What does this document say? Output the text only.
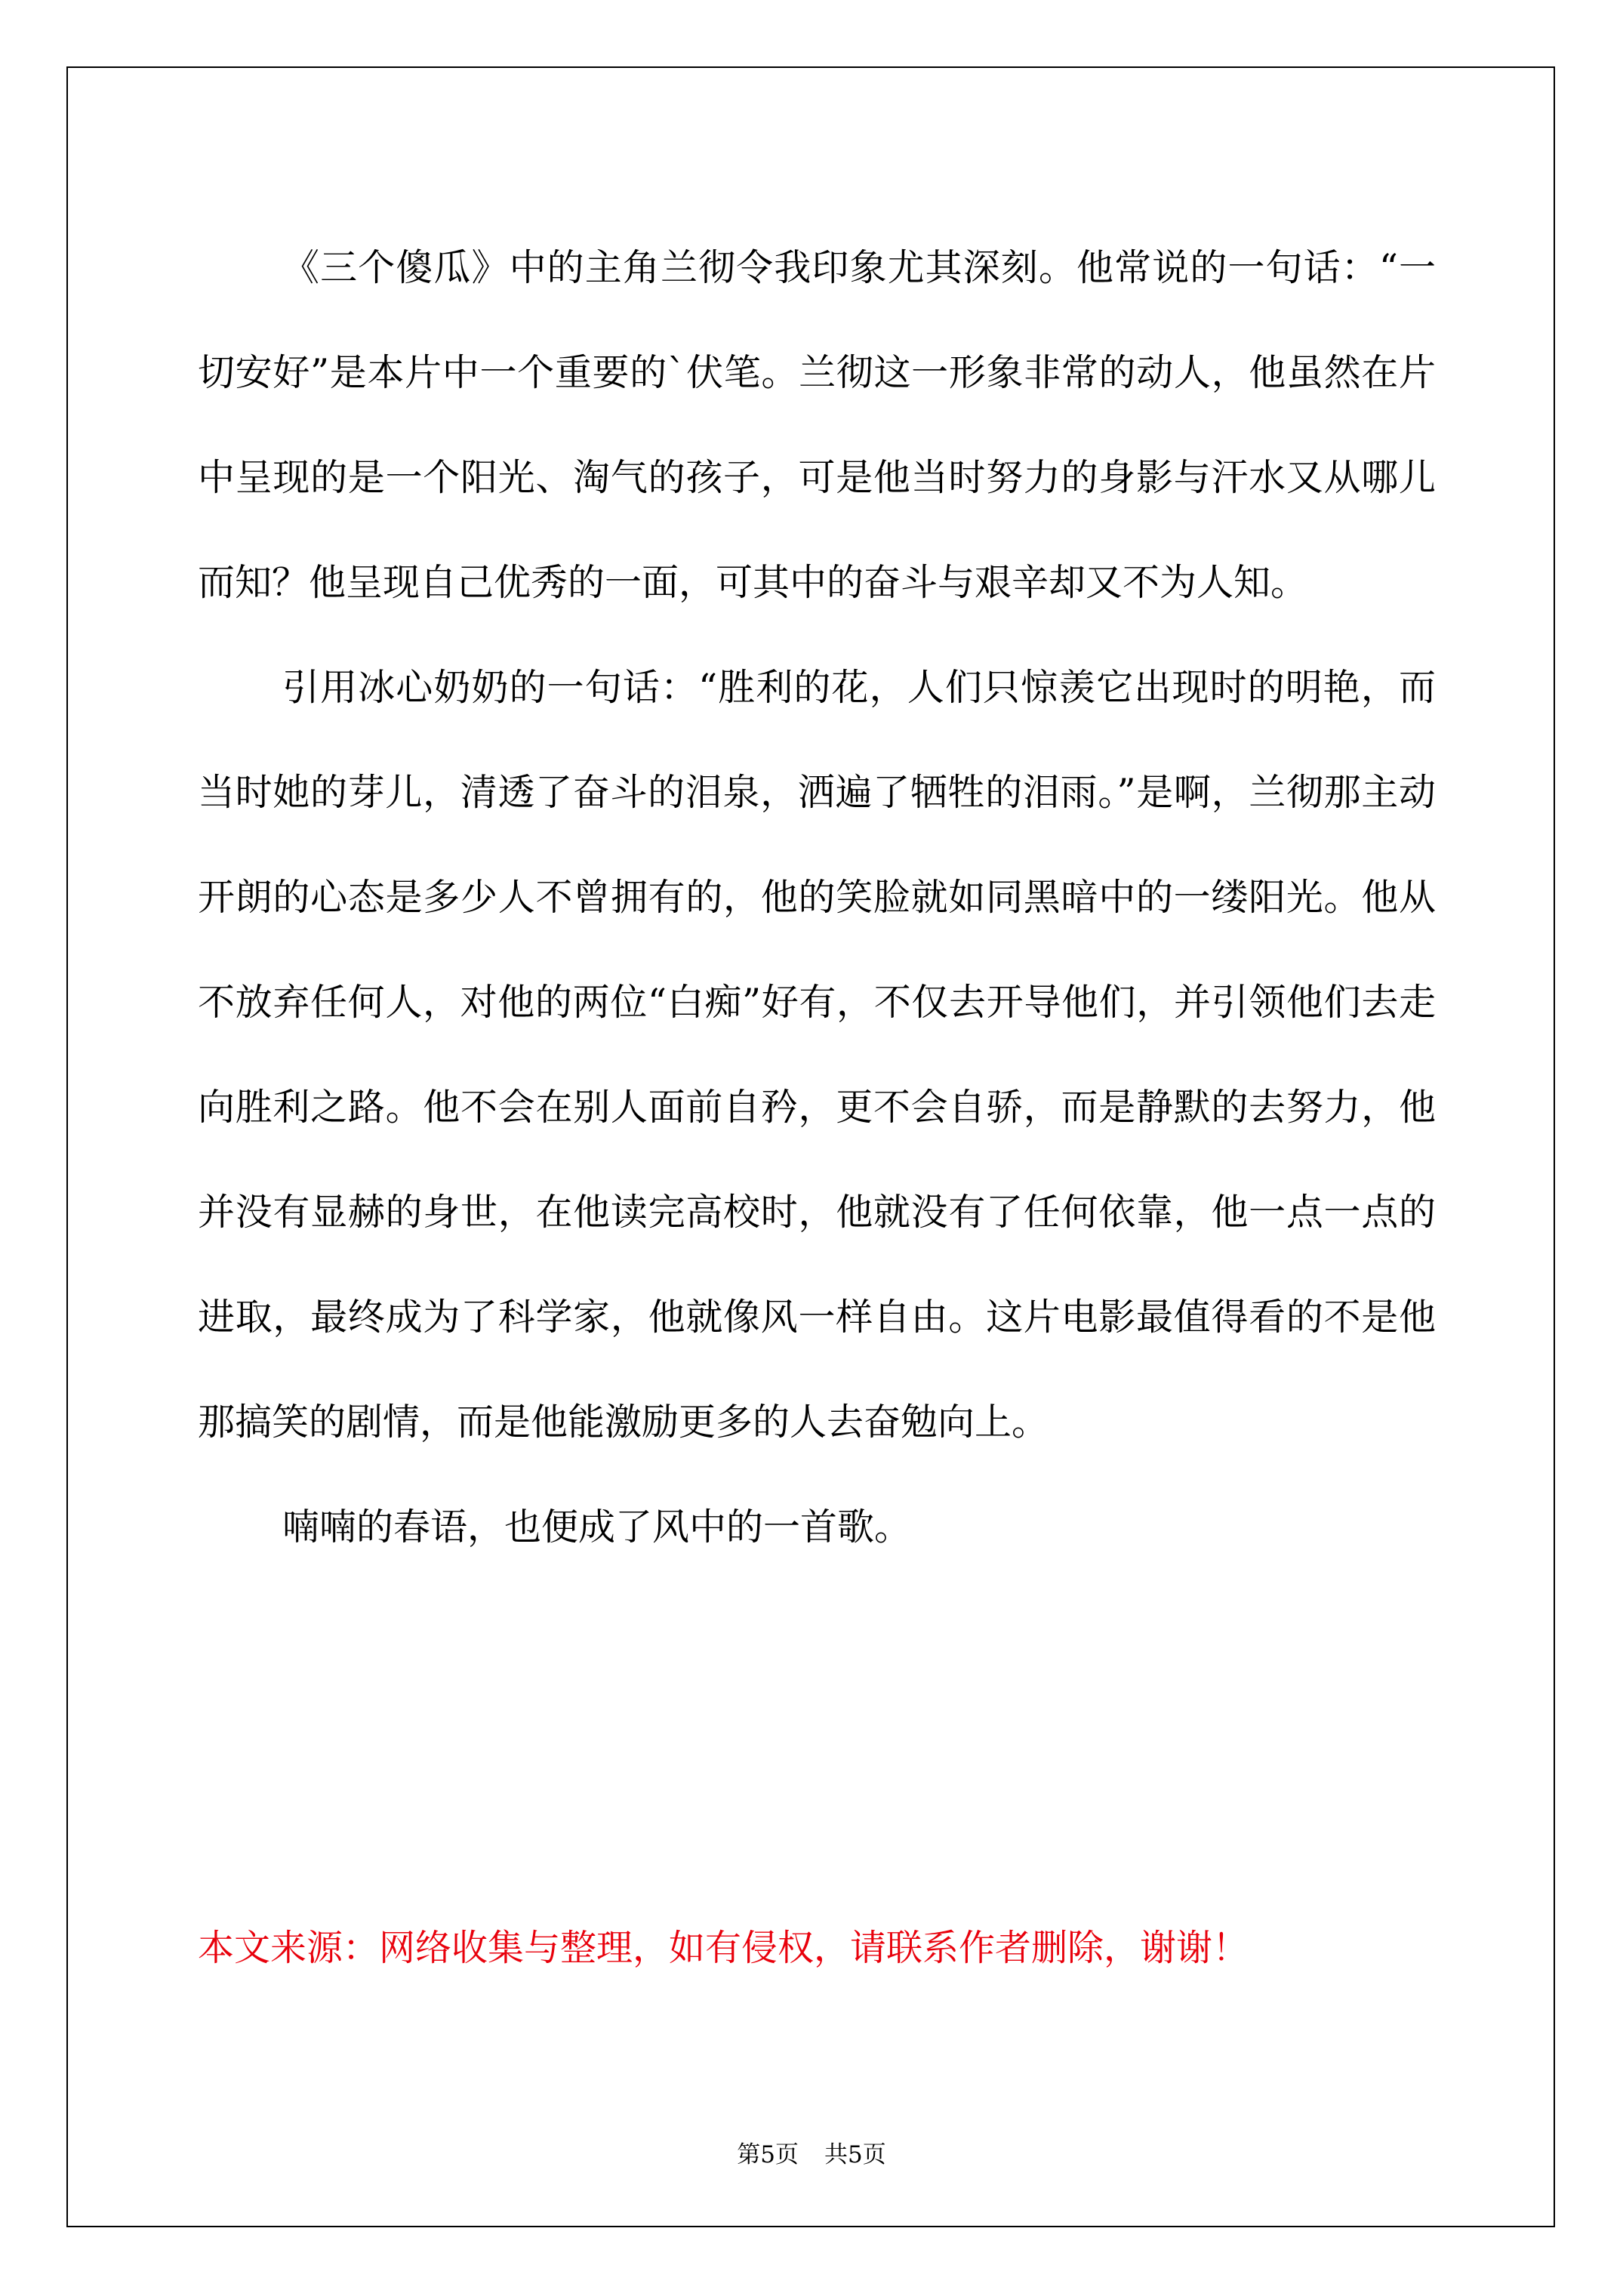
《三个傻瓜》中的主角兰彻令我印象尤其深刻。他常说的一句话：“一切安好”是本片中一个重要的`伏笔。兰彻这一形象非常的动人，他虽然在片中呈现的是一个阳光、淘气的孩子，可是他当时努力的身影与汗水又从哪儿而知？他呈现自己优秀的一面，可其中的奋斗与艰辛却又不为人知。

引用冰心奶奶的一句话：“胜利的花，人们只惊羡它出现时的明艳，而当时她的芽儿，清透了奋斗的泪泉，洒遍了牺牲的泪雨。”是啊，兰彻那主动开朗的心态是多少人不曾拥有的，他的笑脸就如同黑暗中的一缕阳光。他从不放弃任何人，对他的两位“白痴”好有，不仅去开导他们，并引领他们去走向胜利之路。他不会在别人面前自矜，更不会自骄，而是静默的去努力，他并没有显赫的身世，在他读完高校时，他就没有了任何依靠，他一点一点的进取，最终成为了科学家，他就像风一样自由。这片电影最值得看的不是他那搞笑的剧情，而是他能激励更多的人去奋勉向上。

喃喃的春语，也便成了风中的一首歌。

本文来源：网络收集与整理，如有侵权，请联系作者删除，谢谢！
第5页 共5页
